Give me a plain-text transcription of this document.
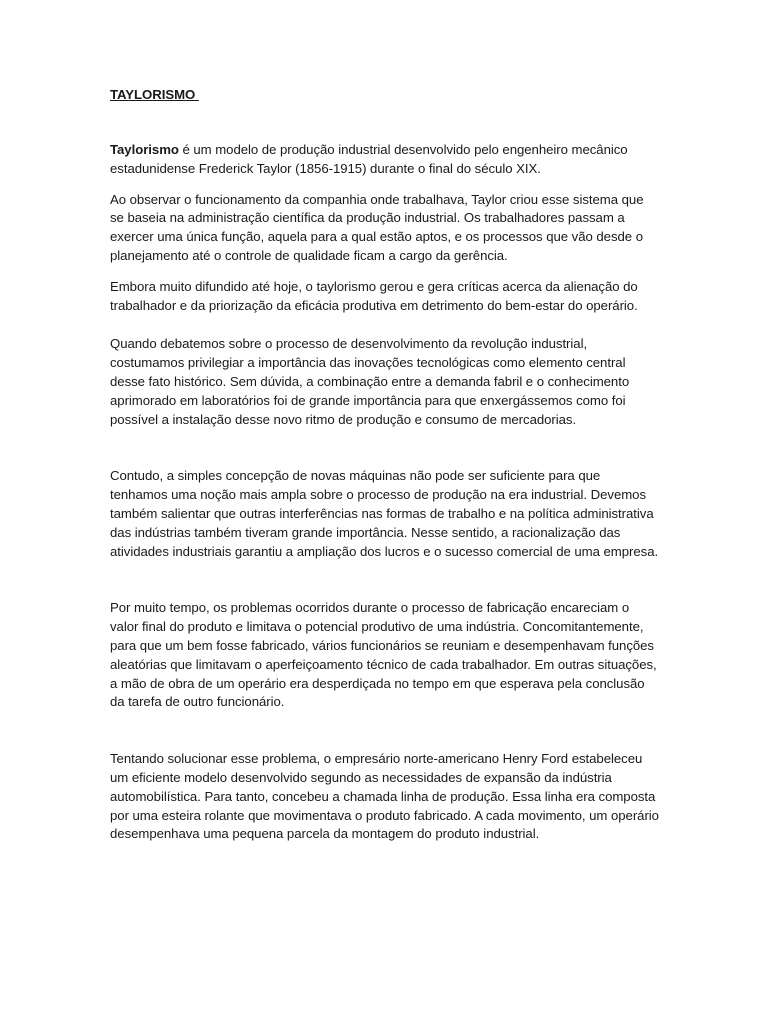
TAYLORISMO

Taylorismo é um modelo de produção industrial desenvolvido pelo engenheiro mecânico estadunidense Frederick Taylor (1856-1915) durante o final do século XIX.

Ao observar o funcionamento da companhia onde trabalhava, Taylor criou esse sistema que se baseia na administração científica da produção industrial. Os trabalhadores passam a exercer uma única função, aquela para a qual estão aptos, e os processos que vão desde o planejamento até o controle de qualidade ficam a cargo da gerência.

Embora muito difundido até hoje, o taylorismo gerou e gera críticas acerca da alienação do trabalhador e da priorização da eficácia produtiva em detrimento do bem-estar do operário.

Quando debatemos sobre o processo de desenvolvimento da revolução industrial, costumamos privilegiar a importância das inovações tecnológicas como elemento central desse fato histórico. Sem dúvida, a combinação entre a demanda fabril e o conhecimento aprimorado em laboratórios foi de grande importância para que enxergássemos como foi possível a instalação desse novo ritmo de produção e consumo de mercadorias.

Contudo, a simples concepção de novas máquinas não pode ser suficiente para que tenhamos uma noção mais ampla sobre o processo de produção na era industrial. Devemos também salientar que outras interferências nas formas de trabalho e na política administrativa das indústrias também tiveram grande importância. Nesse sentido, a racionalização das atividades industriais garantiu a ampliação dos lucros e o sucesso comercial de uma empresa.

Por muito tempo, os problemas ocorridos durante o processo de fabricação encareciam o valor final do produto e limitava o potencial produtivo de uma indústria. Concomitantemente, para que um bem fosse fabricado, vários funcionários se reuniam e desempenhavam funções aleatórias que limitavam o aperfeiçoamento técnico de cada trabalhador. Em outras situações, a mão de obra de um operário era desperdiçada no tempo em que esperava pela conclusão da tarefa de outro funcionário.

Tentando solucionar esse problema, o empresário norte-americano Henry Ford estabeleceu um eficiente modelo desenvolvido segundo as necessidades de expansão da indústria automobilística. Para tanto, concebeu a chamada linha de produção. Essa linha era composta por uma esteira rolante que movimentava o produto fabricado. A cada movimento, um operário desempenhava uma pequena parcela da montagem do produto industrial.
